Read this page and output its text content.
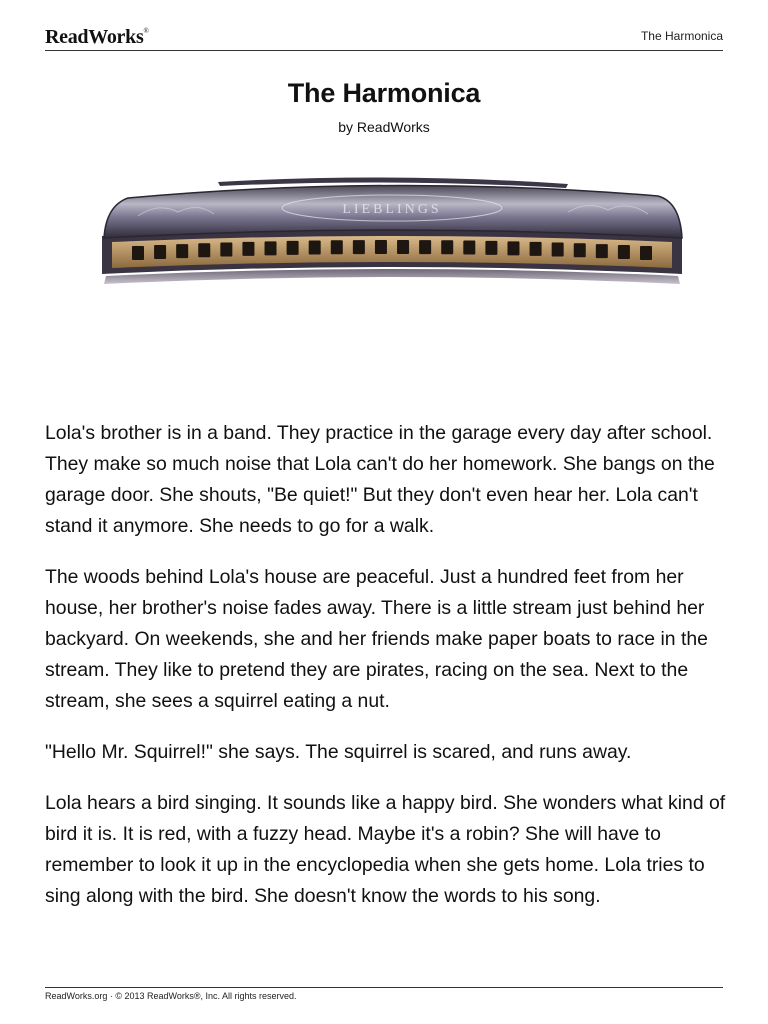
ReadWorks®	The Harmonica
The Harmonica
by ReadWorks
LIEBLINGS

Lola's brother is in a band. They practice in the garage every day after school. They make so much noise that Lola can't do her homework. She bangs on the garage door. She shouts, "Be quiet!" But they don't even hear her. Lola can't stand it anymore. She needs to go for a walk.

The woods behind Lola's house are peaceful. Just a hundred feet from her house, her brother's noise fades away. There is a little stream just behind her backyard. On weekends, she and her friends make paper boats to race in the stream. They like to pretend they are pirates, racing on the sea. Next to the stream, she sees a squirrel eating a nut.

"Hello Mr. Squirrel!" she says. The squirrel is scared, and runs away.

Lola hears a bird singing. It sounds like a happy bird. She wonders what kind of bird it is. It is red, with a fuzzy head. Maybe it's a robin? She will have to remember to look it up in the encyclopedia when she gets home. Lola tries to sing along with the bird. She doesn't know the words to his song.

ReadWorks.org · © 2013 ReadWorks®, Inc. All rights reserved.
